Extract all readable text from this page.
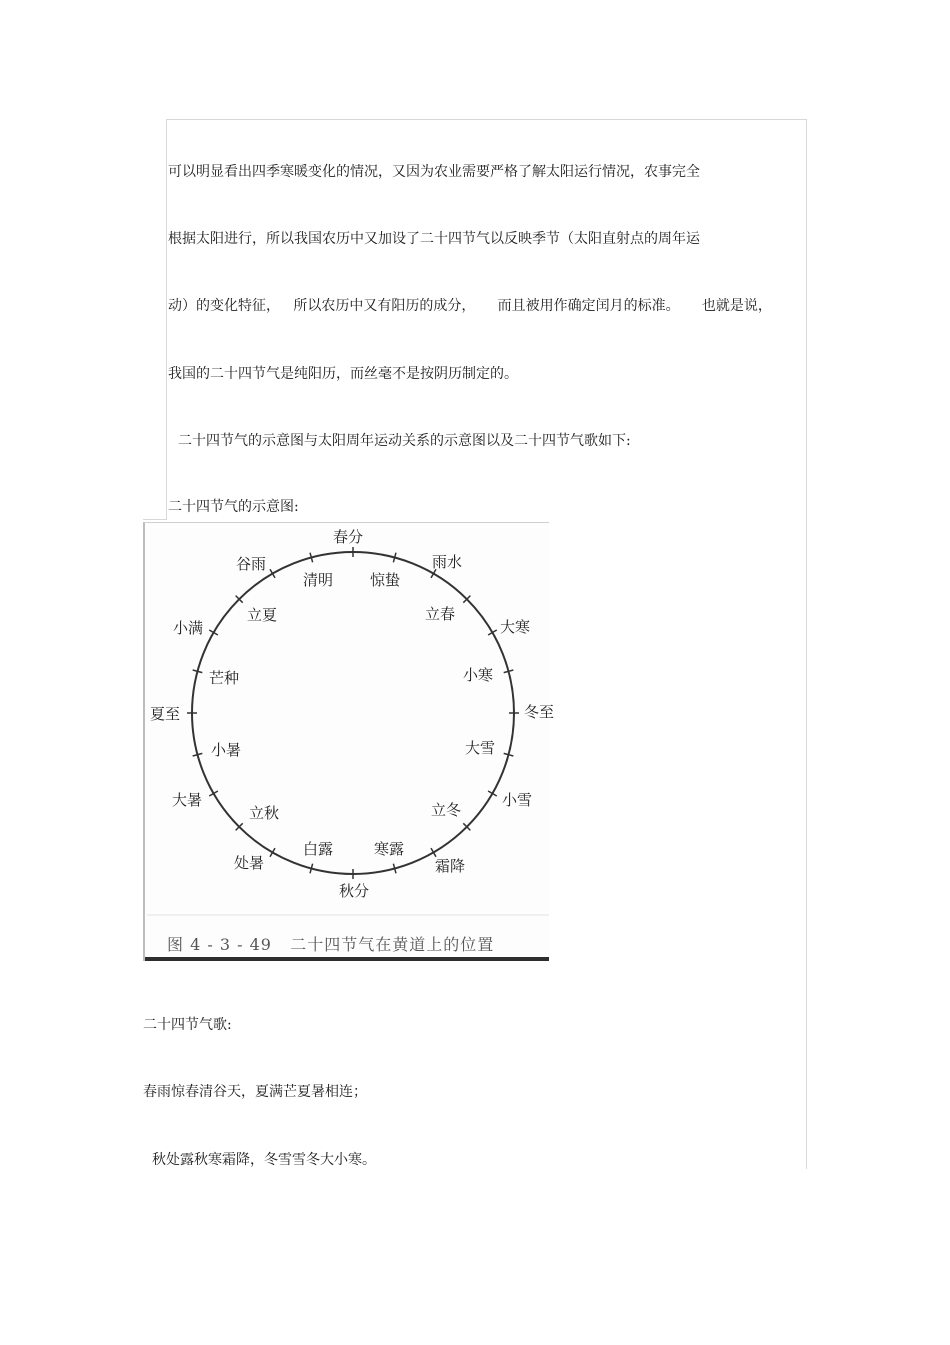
可以明显看出四季寒暖变化的情况，又因为农业需要严格了解太阳运行情况，农事完全
根据太阳进行，所以我国农历中又加设了二十四节气以反映季节（太阳直射点的周年运
动）的变化特征，   所以农历中又有阳历的成分，     而且被用作确定闰月的标准。     也就是说，
我国的二十四节气是纯阳历，而丝毫不是按阴历制定的。
二十四节气的示意图与太阳周年运动关系的示意图以及二十四节气歌如下:
二十四节气的示意图:
春分
雨水
大寒
冬至
小雪
霜降
秋分
处暑
大暑
夏至
小满
谷雨
惊蛰
立春
小寒
大雪
立冬
寒露
白露
立秋
小暑
芒种
立夏
清明
图 4 - 3 - 49   二十四节气在黄道上的位置
二十四节气歌:
春雨惊春清谷天，夏满芒夏暑相连；
秋处露秋寒霜降，冬雪雪冬大小寒。
